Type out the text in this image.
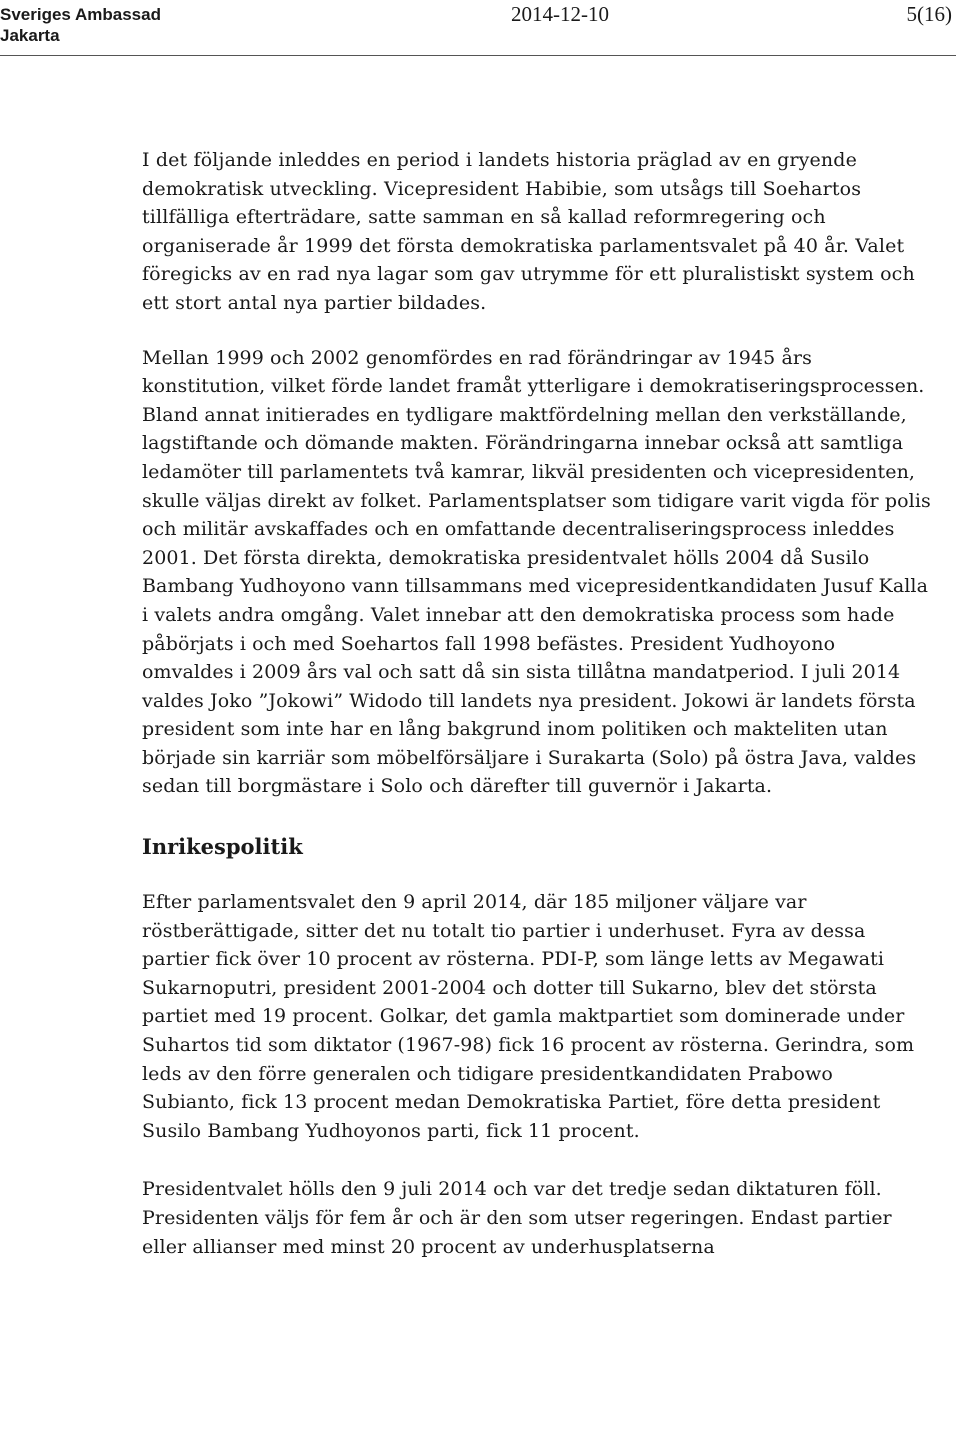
Sveriges Ambassad
Jakarta
2014-12-10	5(16)

I det följande inleddes en period i landets historia präglad av en gryende demokratisk utveckling. Vicepresident Habibie, som utsågs till Soehartos tillfälliga efterträdare, satte samman en så kallad reformregering och organiserade år 1999 det första demokratiska parlamentsvalet på 40 år. Valet föregicks av en rad nya lagar som gav utrymme för ett pluralistiskt system och ett stort antal nya partier bildades.

Mellan 1999 och 2002 genomfördes en rad förändringar av 1945 års konstitution, vilket förde landet framåt ytterligare i demokratiseringsprocessen. Bland annat initierades en tydligare maktfördelning mellan den verkställande, lagstiftande och dömande makten. Förändringarna innebar också att samtliga ledamöter till parlamentets två kamrar, likväl presidenten och vicepresidenten, skulle väljas direkt av folket. Parlamentsplatser som tidigare varit vigda för polis och militär avskaffades och en omfattande decentraliseringsprocess inleddes 2001. Det första direkta, demokratiska presidentvalet hölls 2004 då Susilo Bambang Yudhoyono vann tillsammans med vicepresidentkandidaten Jusuf Kalla i valets andra omgång. Valet innebar att den demokratiska process som hade påbörjats i och med Soehartos fall 1998 befästes. President Yudhoyono omvaldes i 2009 års val och satt då sin sista tillåtna mandatperiod. I juli 2014 valdes Joko ”Jokowi” Widodo till landets nya president. Jokowi är landets första president som inte har en lång bakgrund inom politiken och makteliten utan började sin karriär som möbelförsäljare i Surakarta (Solo) på östra Java, valdes sedan till borgmästare i Solo och därefter till guvernör i Jakarta.

Inrikespolitik

Efter parlamentsvalet den 9 april 2014, där 185 miljoner väljare var röstberättigade, sitter det nu totalt tio partier i underhuset. Fyra av dessa partier fick över 10 procent av rösterna. PDI-P, som länge letts av Megawati Sukarnoputri, president 2001-2004 och dotter till Sukarno, blev det största partiet med 19 procent. Golkar, det gamla maktpartiet som dominerade under Suhartos tid som diktator (1967-98) fick 16 procent av rösterna. Gerindra, som leds av den förre generalen och tidigare presidentkandidaten Prabowo Subianto, fick 13 procent medan Demokratiska Partiet, före detta president Susilo Bambang Yudhoyonos parti, fick 11 procent.

Presidentvalet hölls den 9 juli 2014 och var det tredje sedan diktaturen föll. Presidenten väljs för fem år och är den som utser regeringen. Endast partier eller allianser med minst 20 procent av underhusplatserna
